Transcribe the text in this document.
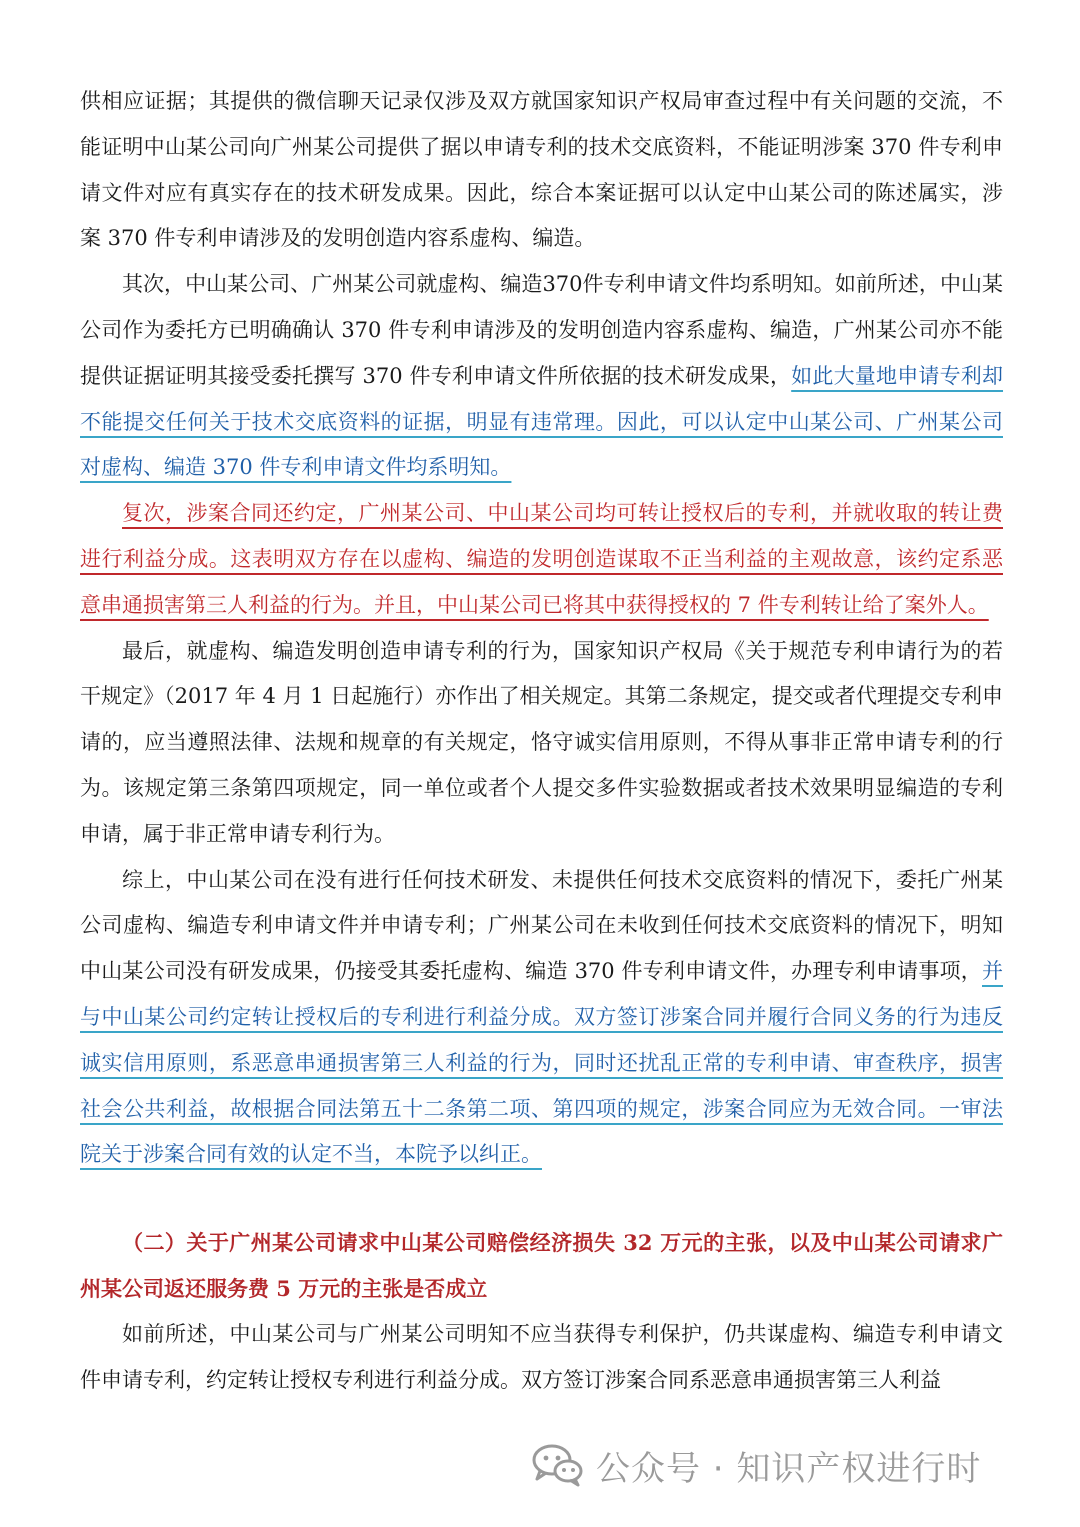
供相应证据；其提供的微信聊天记录仅涉及双方就国家知识产权局审查过程中有关问题的交流，不能证明中山某公司向广州某公司提供了据以申请专利的技术交底资料，不能证明涉案 370 件专利申请文件对应有真实存在的技术研发成果。因此，综合本案证据可以认定中山某公司的陈述属实，涉案 370 件专利申请涉及的发明创造内容系虚构、编造。

其次，中山某公司、广州某公司就虚构、编造370件专利申请文件均系明知。如前所述，中山某公司作为委托方已明确确认 370 件专利申请涉及的发明创造内容系虚构、编造，广州某公司亦不能提供证据证明其接受委托撰写 370 件专利申请文件所依据的技术研发成果，如此大量地申请专利却不能提交任何关于技术交底资料的证据，明显有违常理。因此，可以认定中山某公司、广州某公司对虚构、编造 370 件专利申请文件均系明知。

复次，涉案合同还约定，广州某公司、中山某公司均可转让授权后的专利，并就收取的转让费进行利益分成。这表明双方存在以虚构、编造的发明创造谋取不正当利益的主观故意，该约定系恶意串通损害第三人利益的行为。并且，中山某公司已将其中获得授权的 7 件专利转让给了案外人。

最后，就虚构、编造发明创造申请专利的行为，国家知识产权局《关于规范专利申请行为的若干规定》（2017 年 4 月 1 日起施行）亦作出了相关规定。其第二条规定，提交或者代理提交专利申请的，应当遵照法律、法规和规章的有关规定，恪守诚实信用原则，不得从事非正常申请专利的行为。该规定第三条第四项规定，同一单位或者个人提交多件实验数据或者技术效果明显编造的专利申请，属于非正常申请专利行为。

综上，中山某公司在没有进行任何技术研发、未提供任何技术交底资料的情况下，委托广州某公司虚构、编造专利申请文件并申请专利；广州某公司在未收到任何技术交底资料的情况下，明知中山某公司没有研发成果，仍接受其委托虚构、编造 370 件专利申请文件，办理专利申请事项，并与中山某公司约定转让授权后的专利进行利益分成。双方签订涉案合同并履行合同义务的行为违反诚实信用原则，系恶意串通损害第三人利益的行为，同时还扰乱正常的专利申请、审查秩序，损害社会公共利益，故根据合同法第五十二条第二项、第四项的规定，涉案合同应为无效合同。一审法院关于涉案合同有效的认定不当，本院予以纠正。

（二）关于广州某公司请求中山某公司赔偿经济损失 32 万元的主张，以及中山某公司请求广州某公司返还服务费 5 万元的主张是否成立

如前所述，中山某公司与广州某公司明知不应当获得专利保护，仍共谋虚构、编造专利申请文件申请专利，约定转让授权专利进行利益分成。双方签订涉案合同系恶意串通损害第三人利益

公众号 · 知识产权进行时
